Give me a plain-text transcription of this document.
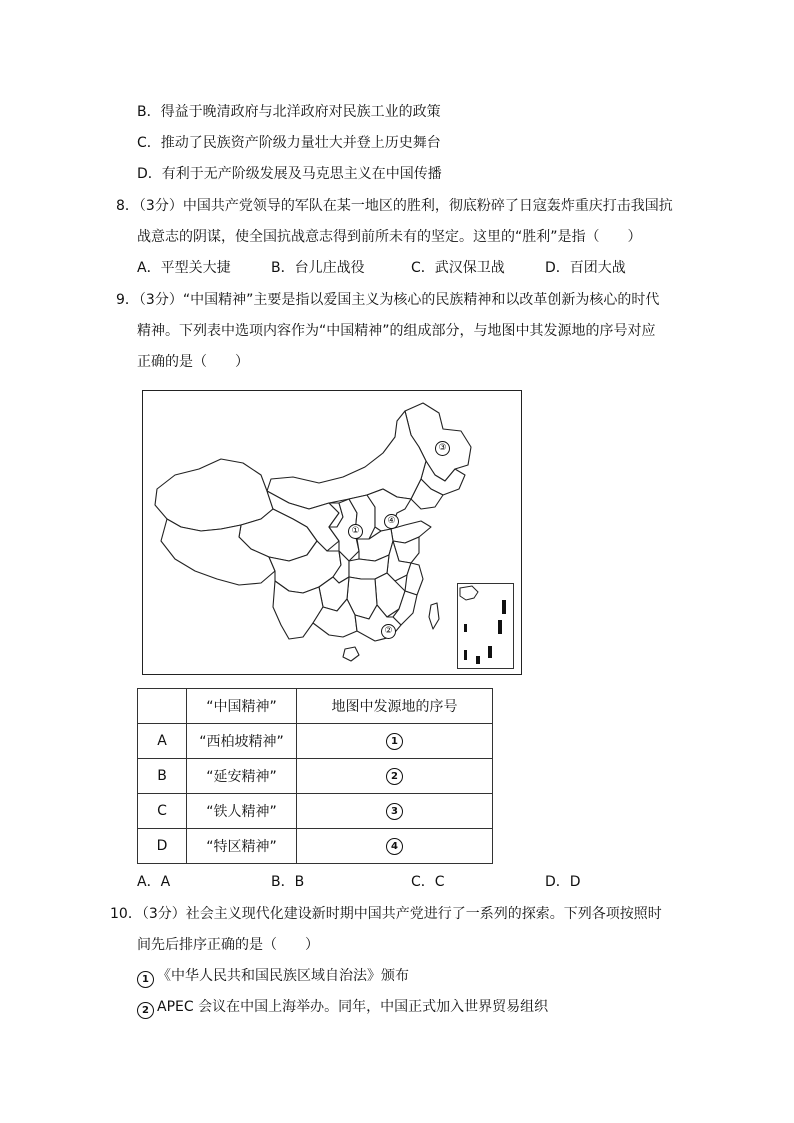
B．得益于晚清政府与北洋政府对民族工业的政策
C．推动了民族资产阶级力量壮大并登上历史舞台
D．有利于无产阶级发展及马克思主义在中国传播
8．（3分）中国共产党领导的军队在某一地区的胜利，彻底粉碎了日寇轰炸重庆打击我国抗
战意志的阴谋，使全国抗战意志得到前所未有的坚定。这里的“胜利”是指（　　）
A．平型关大捷	B．台儿庄战役	C．武汉保卫战	D．百团大战
9．（3分）“中国精神”主要是指以爱国主义为核心的民族精神和以改革创新为核心的时代
精神。下列表中选项内容作为“中国精神”的组成部分，与地图中其发源地的序号对应
正确的是（　　）
③
①
④
②
	“中国精神”	地图中发源地的序号
A	“西柏坡精神”	1
B	“延安精神”	2
C	“铁人精神”	3
D	“特区精神”	4
A．A	B．B	C．C	D．D
10．（3分）社会主义现代化建设新时期中国共产党进行了一系列的探索。下列各项按照时
间先后排序正确的是（　　）
1 《中华人民共和国民族区域自治法》颁布
2 APEC 会议在中国上海举办。同年，中国正式加入世界贸易组织
